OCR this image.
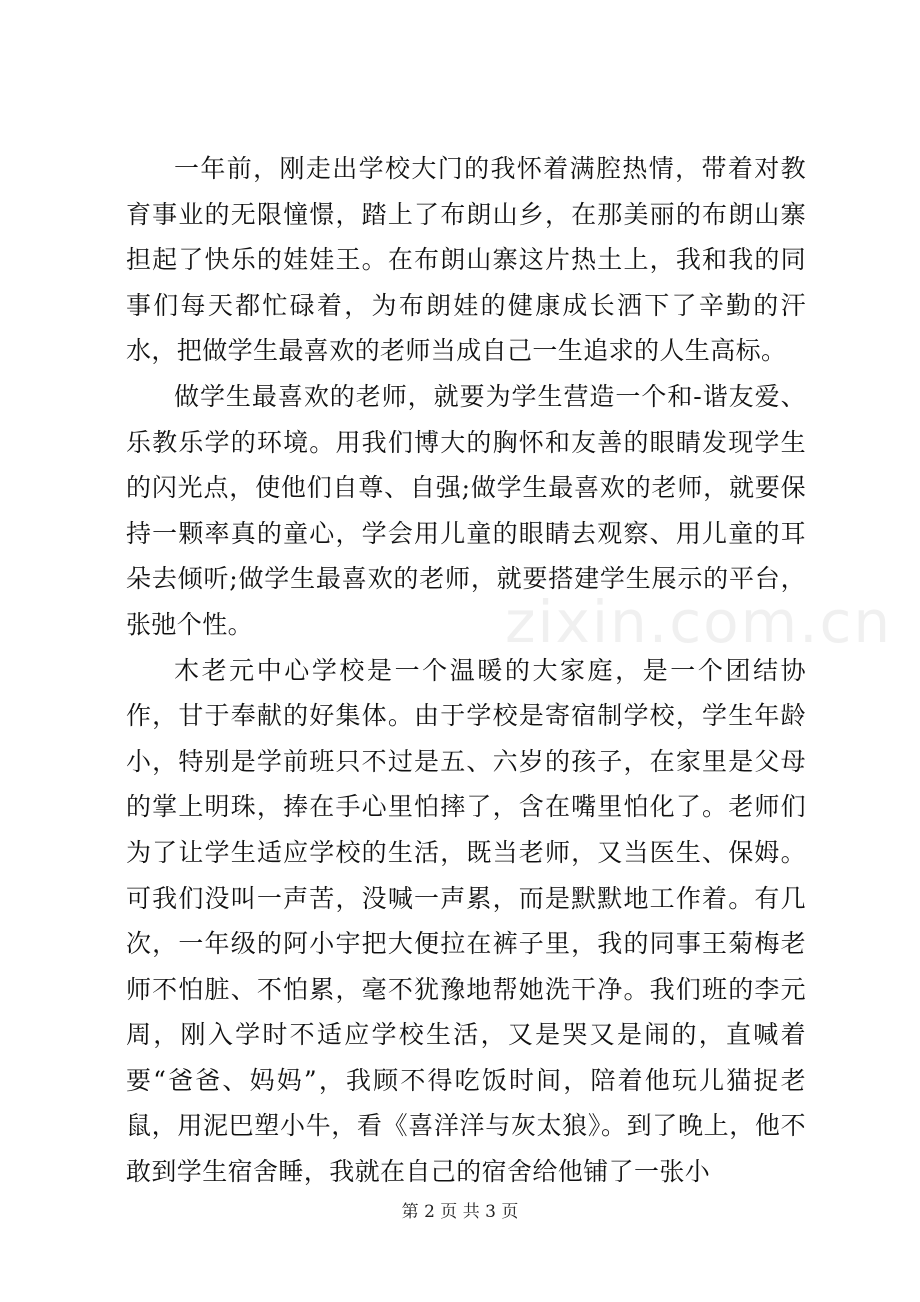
一年前，刚走出学校大门的我怀着满腔热情，带着对教育事业的无限憧憬，踏上了布朗山乡，在那美丽的布朗山寨担起了快乐的娃娃王。在布朗山寨这片热土上，我和我的同事们每天都忙碌着，为布朗娃的健康成长洒下了辛勤的汗水，把做学生最喜欢的老师当成自己一生追求的人生高标。

做学生最喜欢的老师，就要为学生营造一个和-谐友爱、乐教乐学的环境。用我们博大的胸怀和友善的眼睛发现学生的闪光点，使他们自尊、自强;做学生最喜欢的老师，就要保持一颗率真的童心，学会用儿童的眼睛去观察、用儿童的耳朵去倾听;做学生最喜欢的老师，就要搭建学生展示的平台，张弛个性。

木老元中心学校是一个温暖的大家庭，是一个团结协作，甘于奉献的好集体。由于学校是寄宿制学校，学生年龄小，特别是学前班只不过是五、六岁的孩子，在家里是父母的掌上明珠，捧在手心里怕摔了，含在嘴里怕化了。老师们为了让学生适应学校的生活，既当老师，又当医生、保姆。可我们没叫一声苦，没喊一声累，而是默默地工作着。有几次，一年级的阿小宇把大便拉在裤子里，我的同事王菊梅老师不怕脏、不怕累，毫不犹豫地帮她洗干净。我们班的李元周，刚入学时不适应学校生活，又是哭又是闹的，直喊着要“爸爸、妈妈”，我顾不得吃饭时间，陪着他玩儿猫捉老鼠，用泥巴塑小牛，看《喜洋洋与灰太狼》。到了晚上，他不敢到学生宿舍睡，我就在自己的宿舍给他铺了一张小

zixin.com.cn
第 2 页 共 3 页
